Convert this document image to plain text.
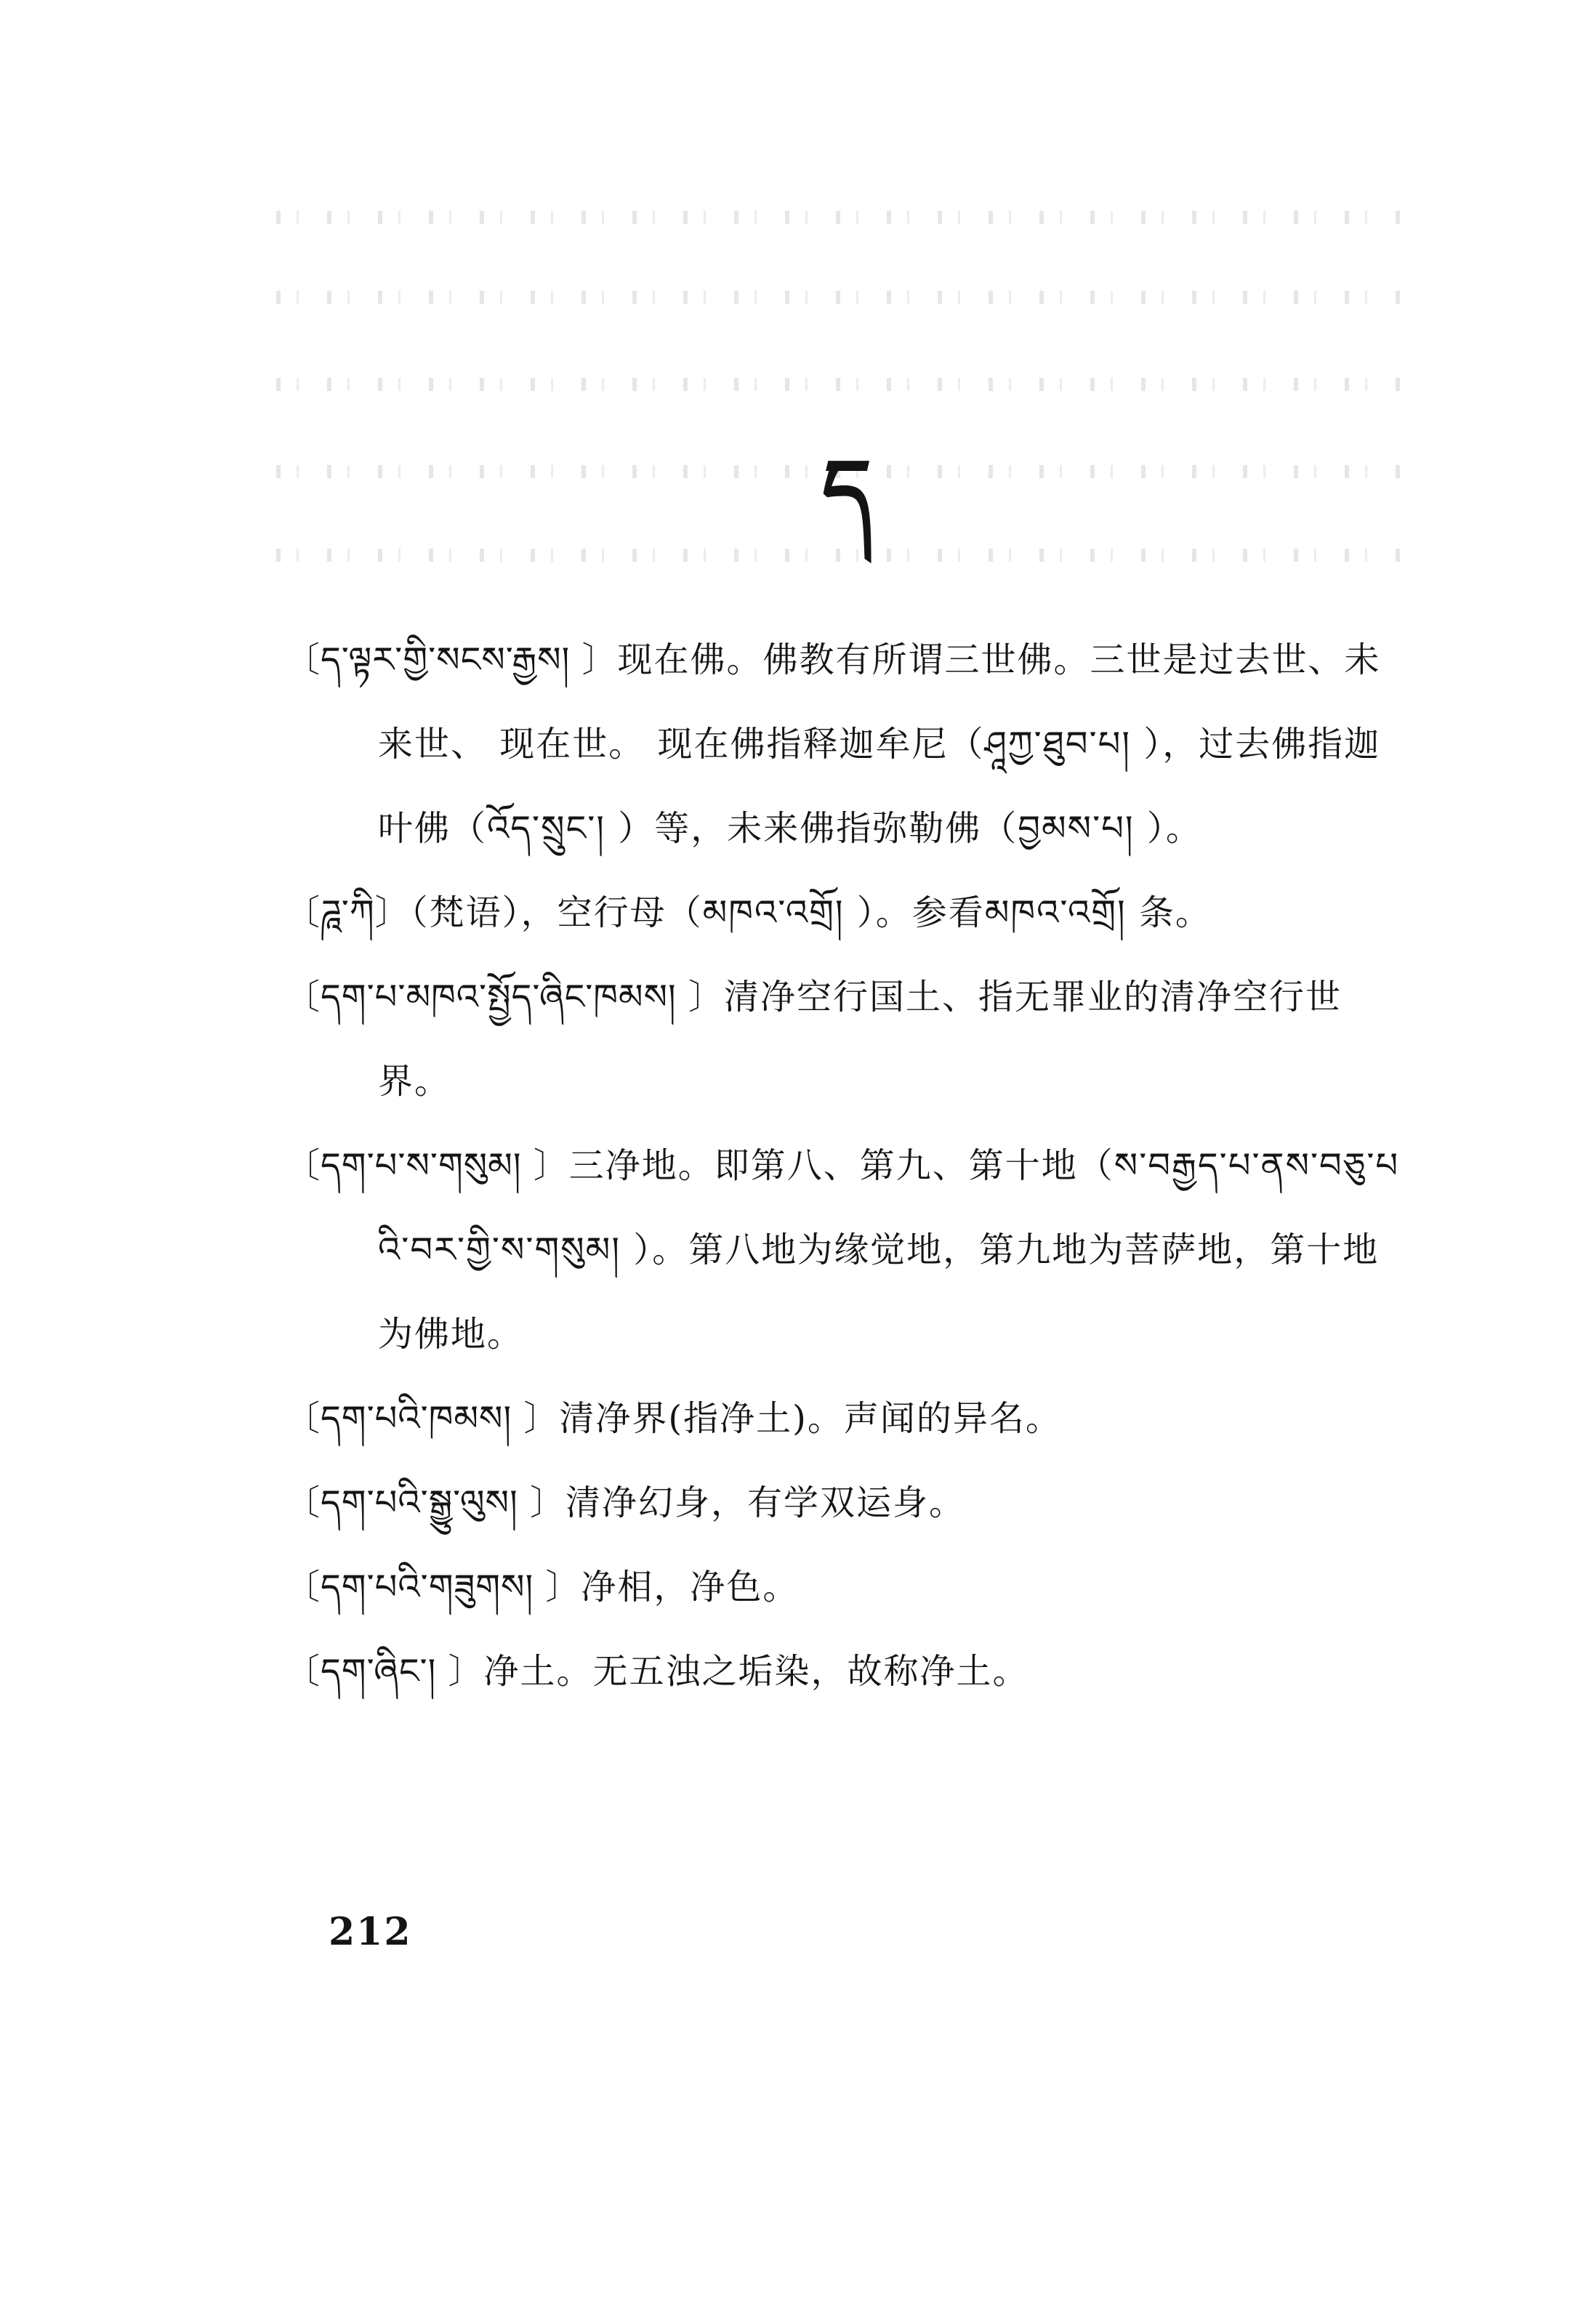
ད

〔ད་ལྟར་གྱི་སངས་རྒྱས། 〕现在佛。佛教有所谓三世佛。三世是过去世、未来世、 现在世。 现在佛指释迦牟尼（ཤཱཀྱ་ཐུབ་པ། ），过去佛指迦叶佛（འོད་སྲུང་། ）等，未来佛指弥勒佛（བྱམས་པ། ）。

〔ཌཱ་ཀི〕（梵语），空行母（མཁའ་འགྲོ། ）。参看མཁའ་འགྲོ། 条。

〔དག་པ་མཁའ་སྤྱོད་ཞིང་ཁམས། 〕清净空行国土、指无罪业的清净空行世界。

〔དག་པ་ས་གསུམ། 〕三净地。即第八、第九、第十地（ས་བརྒྱད་པ་ནས་བཅུ་པའི་བར་གྱི་ས་གསུམ། ）。第八地为缘觉地，第九地为菩萨地，第十地为佛地。

〔དག་པའི་ཁམས། 〕清净界(指净土)。声闻的异名。

〔དག་པའི་སྒྱུ་ལུས། 〕清净幻身，有学双运身。

〔དག་པའི་གཟུགས། 〕净相，净色。

〔དག་ཞིང་། 〕净土。无五浊之垢染，故称净土。

212
